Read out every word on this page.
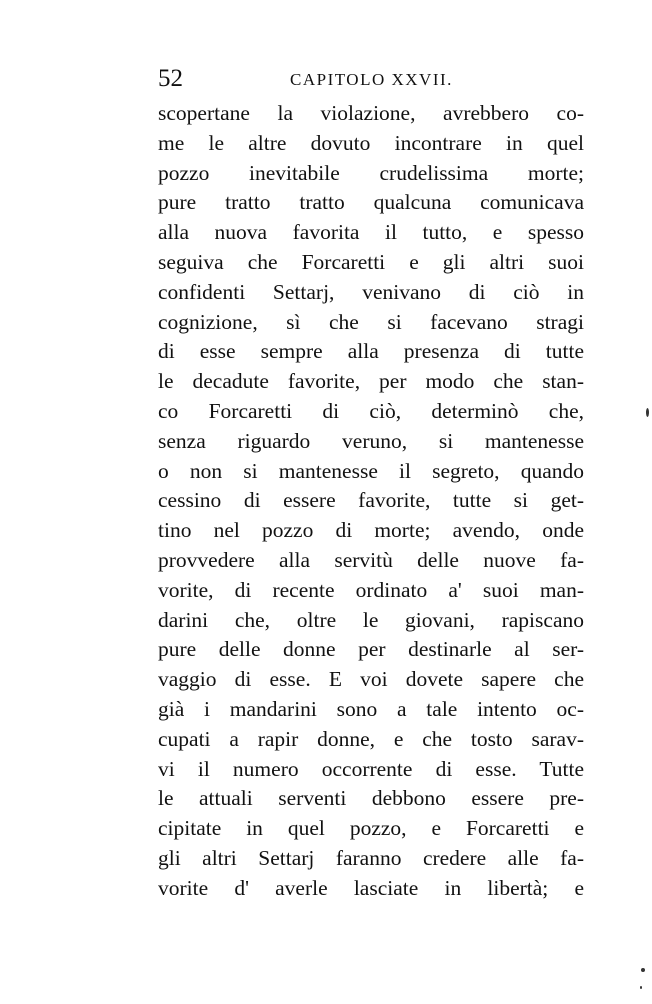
52	CAPITOLO XXVII.
scopertane la violazione, avrebbero co-
me le altre dovuto incontrare in quel
pozzo inevitabile crudelissima morte;
pure tratto tratto qualcuna comunicava
alla nuova favorita il tutto, e spesso
seguiva che Forcaretti e gli altri suoi
confidenti Settarj, venivano di ciò in
cognizione, sì che si facevano stragi
di esse sempre alla presenza di tutte
le decadute favorite, per modo che stan-
co Forcaretti di ciò, determinò che,
senza riguardo veruno, si mantenesse
o non si mantenesse il segreto, quando
cessino di essere favorite, tutte si get-
tino nel pozzo di morte; avendo, onde
provvedere alla servitù delle nuove fa-
vorite, di recente ordinato a' suoi man-
darini che, oltre le giovani, rapiscano
pure delle donne per destinarle al ser-
vaggio di esse. E voi dovete sapere che
già i mandarini sono a tale intento oc-
cupati a rapir donne, e che tosto sarav-
vi il numero occorrente di esse. Tutte
le attuali serventi debbono essere pre-
cipitate in quel pozzo, e Forcaretti e
gli altri Settarj faranno credere alle fa-
vorite d' averle lasciate in libertà; e
